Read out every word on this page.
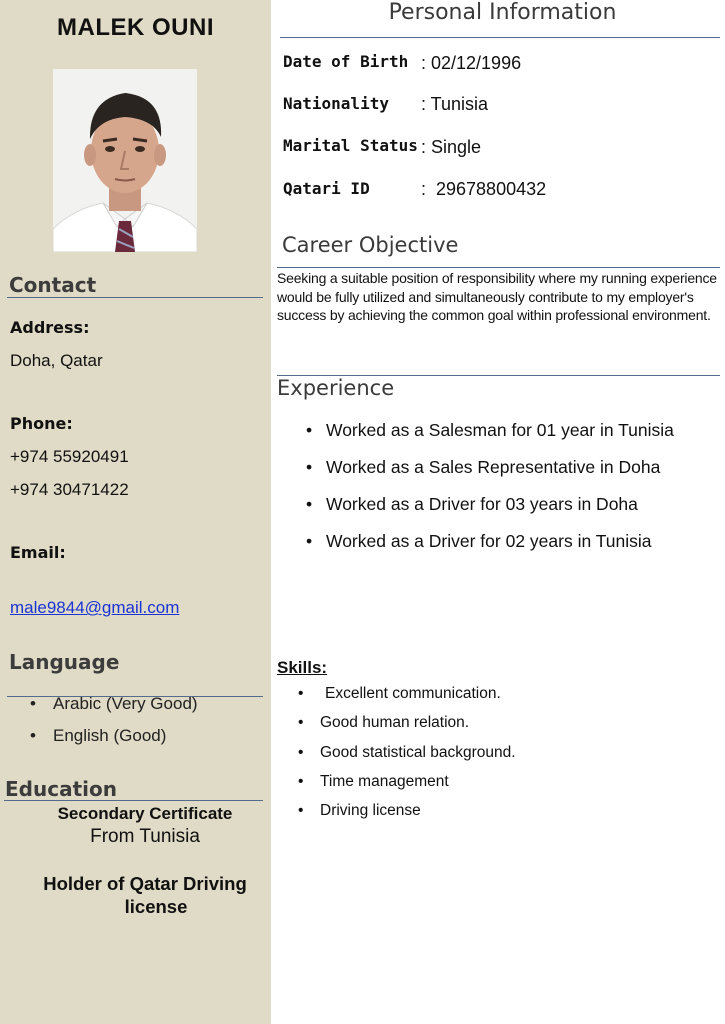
MALEK OUNI
Contact
Address:
Doha, Qatar
Phone:
+974 55920491
+974 30471422
Email:
male9844@gmail.com
Language
• Arabic (Very Good)
• English (Good)
Education
Secondary Certificate
From Tunisia
Holder of Qatar Driving
license
Personal Information
Date of Birth : 02/12/1996
Nationality : Tunisia
Marital Status : Single
Qatari ID	:  29678800432
Career Objective
Seeking a suitable position of responsibility where my running experience would be fully utilized and simultaneously contribute to my employer's success by achieving the common goal within professional environment.
Experience
• Worked as a Salesman for 01 year in Tunisia
• Worked as a Sales Representative in Doha
• Worked as a Driver for 03 years in Doha
• Worked as a Driver for 02 years in Tunisia
Skills:
• Excellent communication.
• Good human relation.
• Good statistical background.
• Time management
• Driving license
